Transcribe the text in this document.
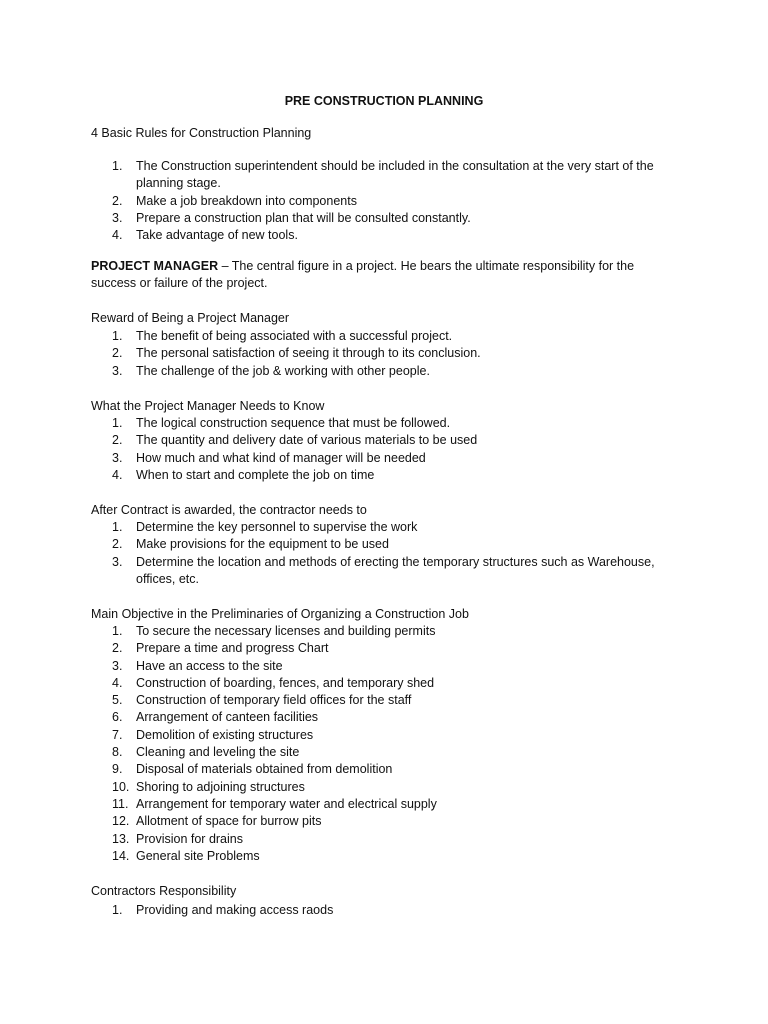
PRE CONSTRUCTION PLANNING
4 Basic Rules for Construction Planning
1.	The Construction superintendent should be included in the consultation at the very start of the planning stage.
2.	Make a job breakdown into components
3.	Prepare a construction plan that will be consulted constantly.
4.	Take advantage of new tools.
PROJECT MANAGER – The central figure in a project. He bears the ultimate responsibility for the
success or failure of the project.
Reward of Being a Project Manager
1.	The benefit of being associated with a successful project.
2.	The personal satisfaction of seeing it through to its conclusion.
3.	The challenge of the job & working with other people.
What the Project Manager Needs to Know
1.	The logical construction sequence that must be followed.
2.	The quantity and delivery date of various materials to be used
3.	How much and what kind of manager will be needed
4.	When to start and complete the job on time
After Contract is awarded, the contractor needs to
1.	Determine the key personnel to supervise the work
2.	Make provisions for the equipment to be used
3.	Determine the location and methods of erecting the temporary structures such as Warehouse, offices, etc.
Main Objective in the Preliminaries of Organizing a Construction Job
1.	To secure the necessary licenses and building permits
2.	Prepare a time and progress Chart
3.	Have an access to the site
4.	Construction of boarding, fences, and temporary shed
5.	Construction of temporary field offices for the staff
6.	Arrangement of canteen facilities
7.	Demolition of existing structures
8.	Cleaning and leveling the site
9.	Disposal of materials obtained from demolition
10. Shoring to adjoining structures
11. Arrangement for temporary water and electrical supply
12. Allotment of space for burrow pits
13. Provision for drains
14. General site Problems
Contractors Responsibility
1.	Providing and making access raods
